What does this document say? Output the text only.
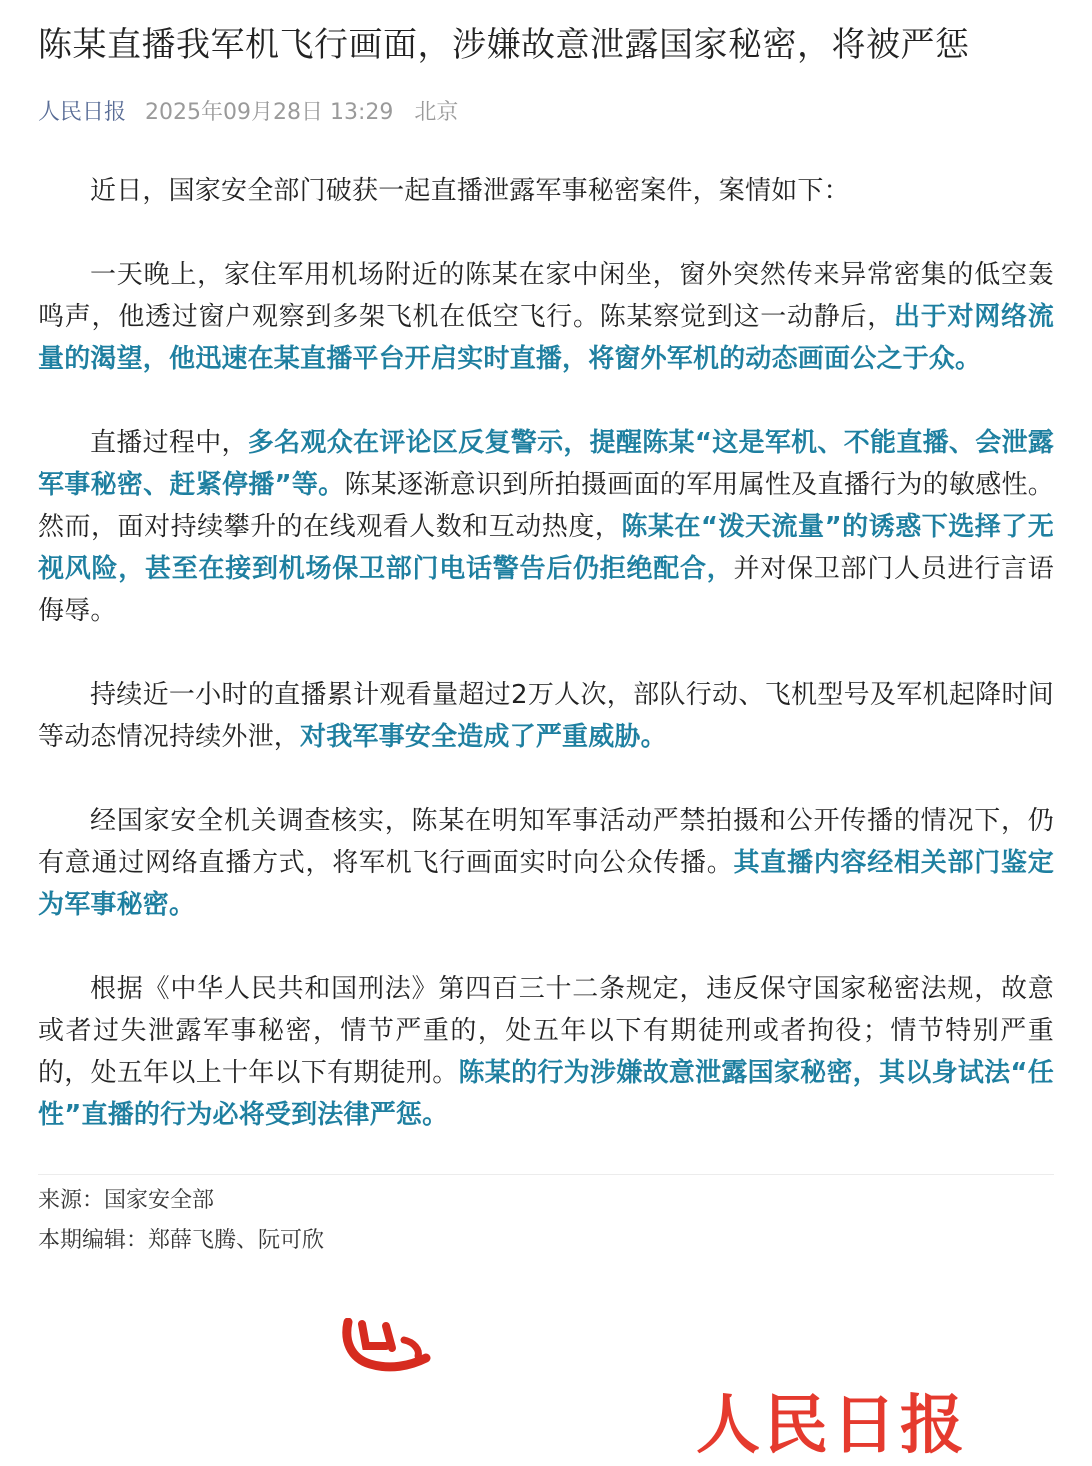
陈某直播我军机飞行画面，涉嫌故意泄露国家秘密，将被严惩
人民日报 2025年09月28日 13:29 北京

近日，国家安全部门破获一起直播泄露军事秘密案件，案情如下：

一天晚上，家住军用机场附近的陈某在家中闲坐，窗外突然传来异常密集的低空轰鸣声，他透过窗户观察到多架飞机在低空飞行。陈某察觉到这一动静后，出于对网络流量的渴望，他迅速在某直播平台开启实时直播，将窗外军机的动态画面公之于众。

直播过程中，多名观众在评论区反复警示，提醒陈某“这是军机、不能直播、会泄露军事秘密、赶紧停播”等。陈某逐渐意识到所拍摄画面的军用属性及直播行为的敏感性。然而，面对持续攀升的在线观看人数和互动热度，陈某在“泼天流量”的诱惑下选择了无视风险，甚至在接到机场保卫部门电话警告后仍拒绝配合，并对保卫部门人员进行言语侮辱。

持续近一小时的直播累计观看量超过2万人次，部队行动、飞机型号及军机起降时间等动态情况持续外泄，对我军事安全造成了严重威胁。

经国家安全机关调查核实，陈某在明知军事活动严禁拍摄和公开传播的情况下，仍有意通过网络直播方式，将军机飞行画面实时向公众传播。其直播内容经相关部门鉴定为军事秘密。

根据《中华人民共和国刑法》第四百三十二条规定，违反保守国家秘密法规，故意或者过失泄露军事秘密，情节严重的，处五年以下有期徒刑或者拘役；情节特别严重的，处五年以上十年以下有期徒刑。陈某的行为涉嫌故意泄露国家秘密，其以身试法“任性”直播的行为必将受到法律严惩。

来源：国家安全部
本期编辑：郑薛飞腾、阮可欣
人民日报
